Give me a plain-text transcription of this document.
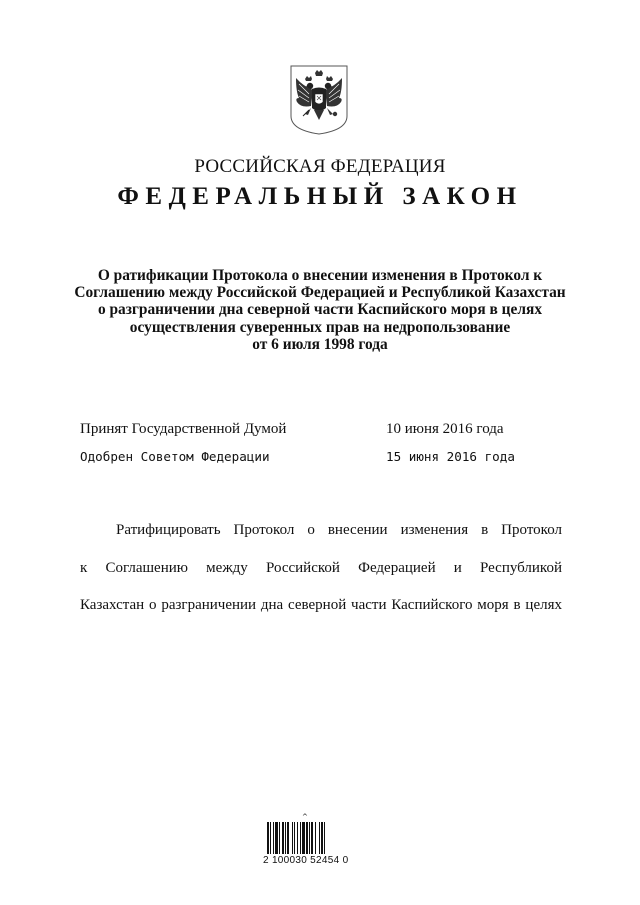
РОССИЙСКАЯ ФЕДЕРАЦИЯ
ФЕДЕРАЛЬНЫЙ ЗАКОН
О ратификации Протокола о внесении изменения в Протокол к
Соглашению между Российской Федерацией и Республикой Казахстан
о разграничении дна северной части Каспийского моря в целях
осуществления суверенных прав на недропользование
от 6 июля 1998 года
Принят Государственной Думой	10 июня 2016 года
Одобрен Советом Федерации	15 июня 2016 года
Ратифицировать Протокол о внесении изменения в Протокол
к Соглашению между Российской Федерацией и Республикой
Казахстан о разграничении дна северной части Каспийского моря в целях
^
2 100030 52454 0
